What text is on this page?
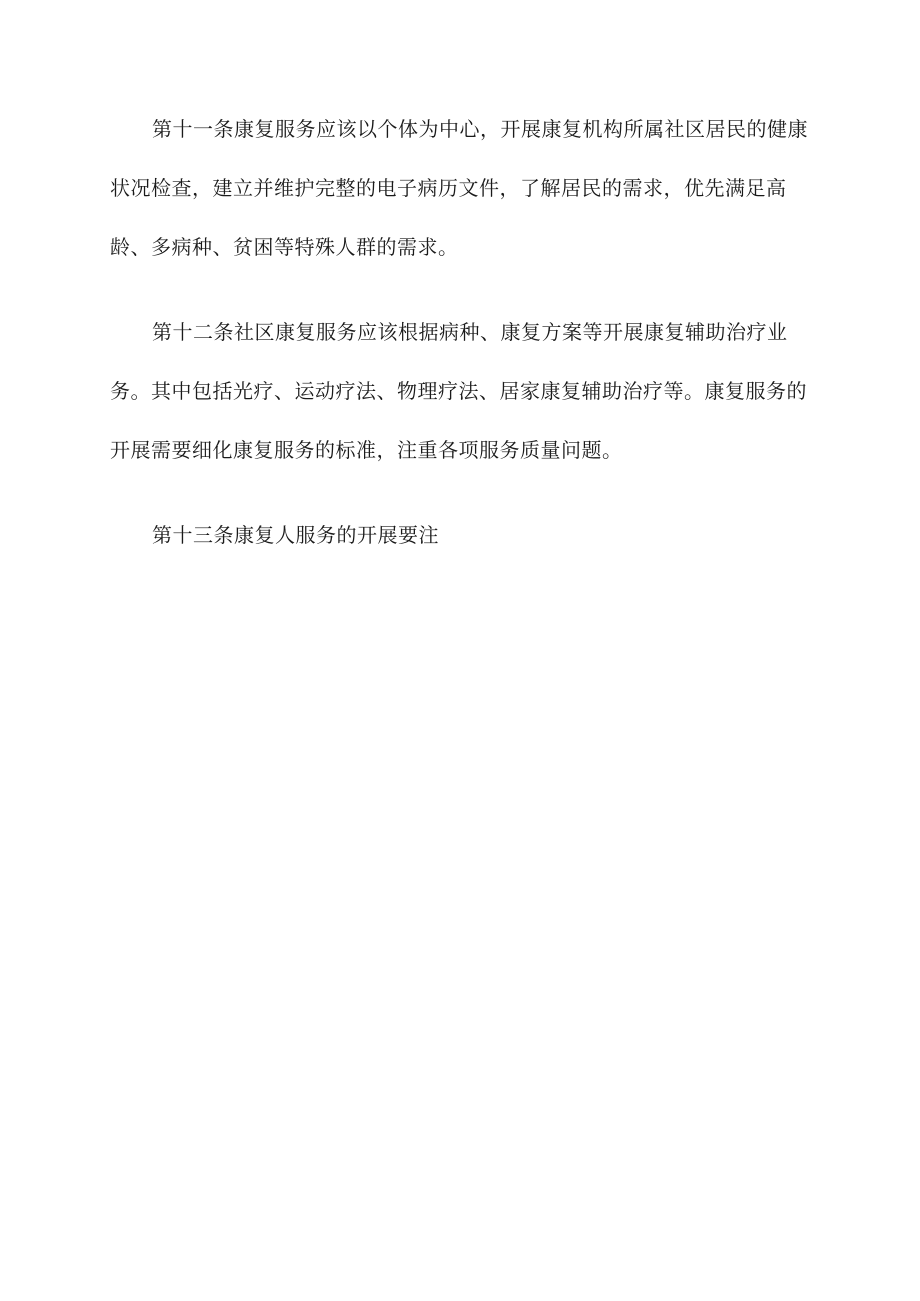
第十一条康复服务应该以个体为中心，开展康复机构所属社区居民的健康
状况检查，建立并维护完整的电子病历文件，了解居民的需求，优先满足高
龄、多病种、贫困等特殊人群的需求。

第十二条社区康复服务应该根据病种、康复方案等开展康复辅助治疗业
务。其中包括光疗、运动疗法、物理疗法、居家康复辅助治疗等。康复服务的
开展需要细化康复服务的标准，注重各项服务质量问题。

第十三条康复人服务的开展要注
